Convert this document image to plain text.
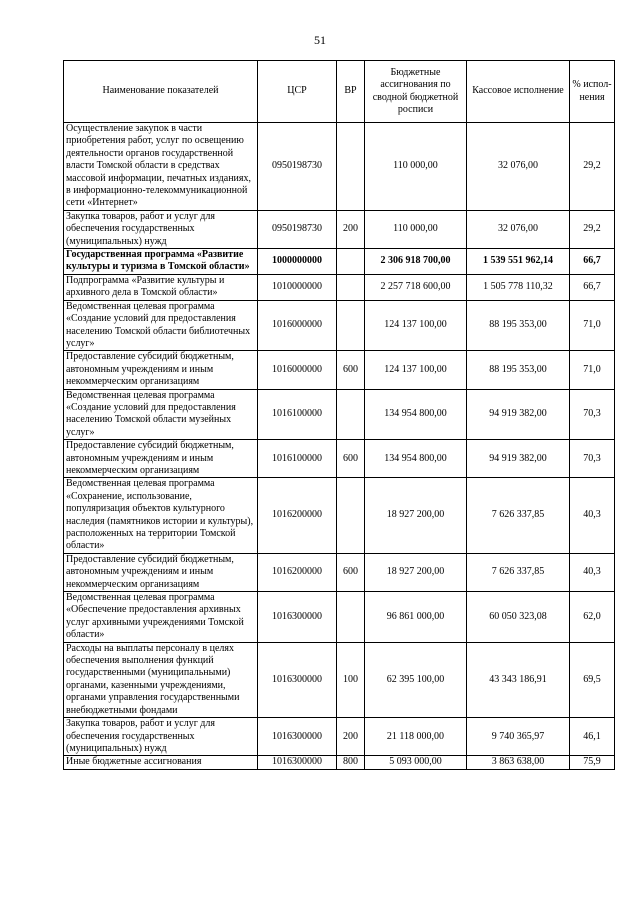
51
Наименование показателей	ЦСР	ВР	Бюджетные ассигнования по сводной бюджетной росписи	Кассовое исполнение	% испол-нения
Осуществление закупок в части приобретения работ, услуг по освещению деятельности органов государственной власти Томской области в средствах массовой информации, печатных изданиях, в информационно-телекоммуникационной сети «Интернет»	0950198730		110 000,00	32 076,00	29,2
Закупка товаров, работ и услуг для обеспечения государственных (муниципальных) нужд	0950198730	200	110 000,00	32 076,00	29,2
Государственная программа «Развитие культуры и туризма в Томской области»	1000000000		2 306 918 700,00	1 539 551 962,14	66,7
Подпрограмма «Развитие культуры и архивного дела в Томской области»	1010000000		2 257 718 600,00	1 505 778 110,32	66,7
Ведомственная целевая программа «Создание условий для предоставления населению Томской области библиотечных услуг»	1016000000		124 137 100,00	88 195 353,00	71,0
Предоставление субсидий бюджетным, автономным учреждениям и иным некоммерческим организациям	1016000000	600	124 137 100,00	88 195 353,00	71,0
Ведомственная целевая программа «Создание условий для предоставления населению Томской области музейных услуг»	1016100000		134 954 800,00	94 919 382,00	70,3
Предоставление субсидий бюджетным, автономным учреждениям и иным некоммерческим организациям	1016100000	600	134 954 800,00	94 919 382,00	70,3
Ведомственная целевая программа «Сохранение, использование, популяризация объектов культурного наследия (памятников истории и культуры), расположенных на территории Томской области»	1016200000		18 927 200,00	7 626 337,85	40,3
Предоставление субсидий бюджетным, автономным учреждениям и иным некоммерческим организациям	1016200000	600	18 927 200,00	7 626 337,85	40,3
Ведомственная целевая программа «Обеспечение предоставления архивных услуг архивными учреждениями Томской области»	1016300000		96 861 000,00	60 050 323,08	62,0
Расходы на выплаты персоналу в целях обеспечения выполнения функций государственными (муниципальными) органами, казенными учреждениями, органами управления государственными внебюджетными фондами	1016300000	100	62 395 100,00	43 343 186,91	69,5
Закупка товаров, работ и услуг для обеспечения государственных (муниципальных) нужд	1016300000	200	21 118 000,00	9 740 365,97	46,1
Иные бюджетные ассигнования	1016300000	800	5 093 000,00	3 863 638,00	75,9
